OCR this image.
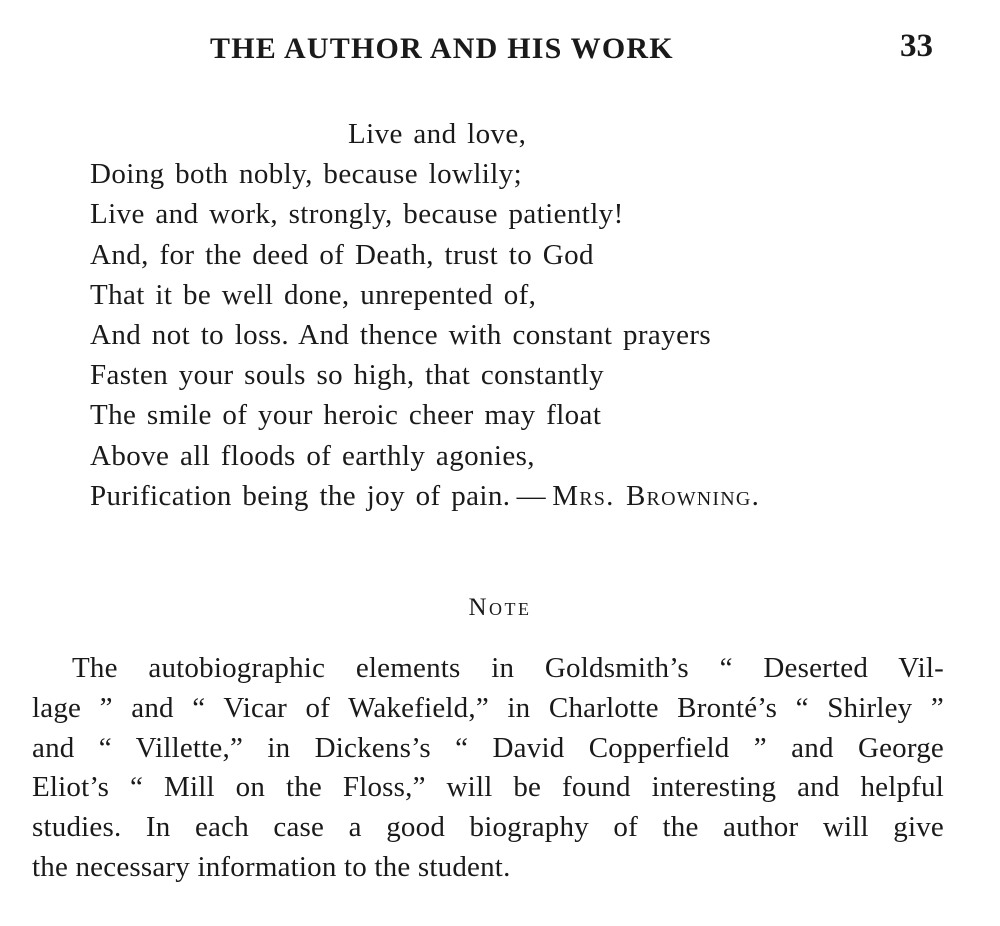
THE AUTHOR AND HIS WORK	33
Live and love,
Doing both nobly, because lowlily;
Live and work, strongly, because patiently!
And, for the deed of Death, trust to God
That it be well done, unrepented of,
And not to loss. And thence with constant prayers
Fasten your souls so high, that constantly
The smile of your heroic cheer may float
Above all floods of earthly agonies,
Purification being the joy of pain. — Mrs. Browning.
Note
The autobiographic elements in Goldsmith’s “ Deserted Vil-
lage ” and “ Vicar of Wakefield,” in Charlotte Bronté’s “ Shirley ”
and “ Villette,” in Dickens’s “ David Copperfield ” and George
Eliot’s “ Mill on the Floss,” will be found interesting and helpful
studies. In each case a good biography of the author will give
the necessary information to the student.
